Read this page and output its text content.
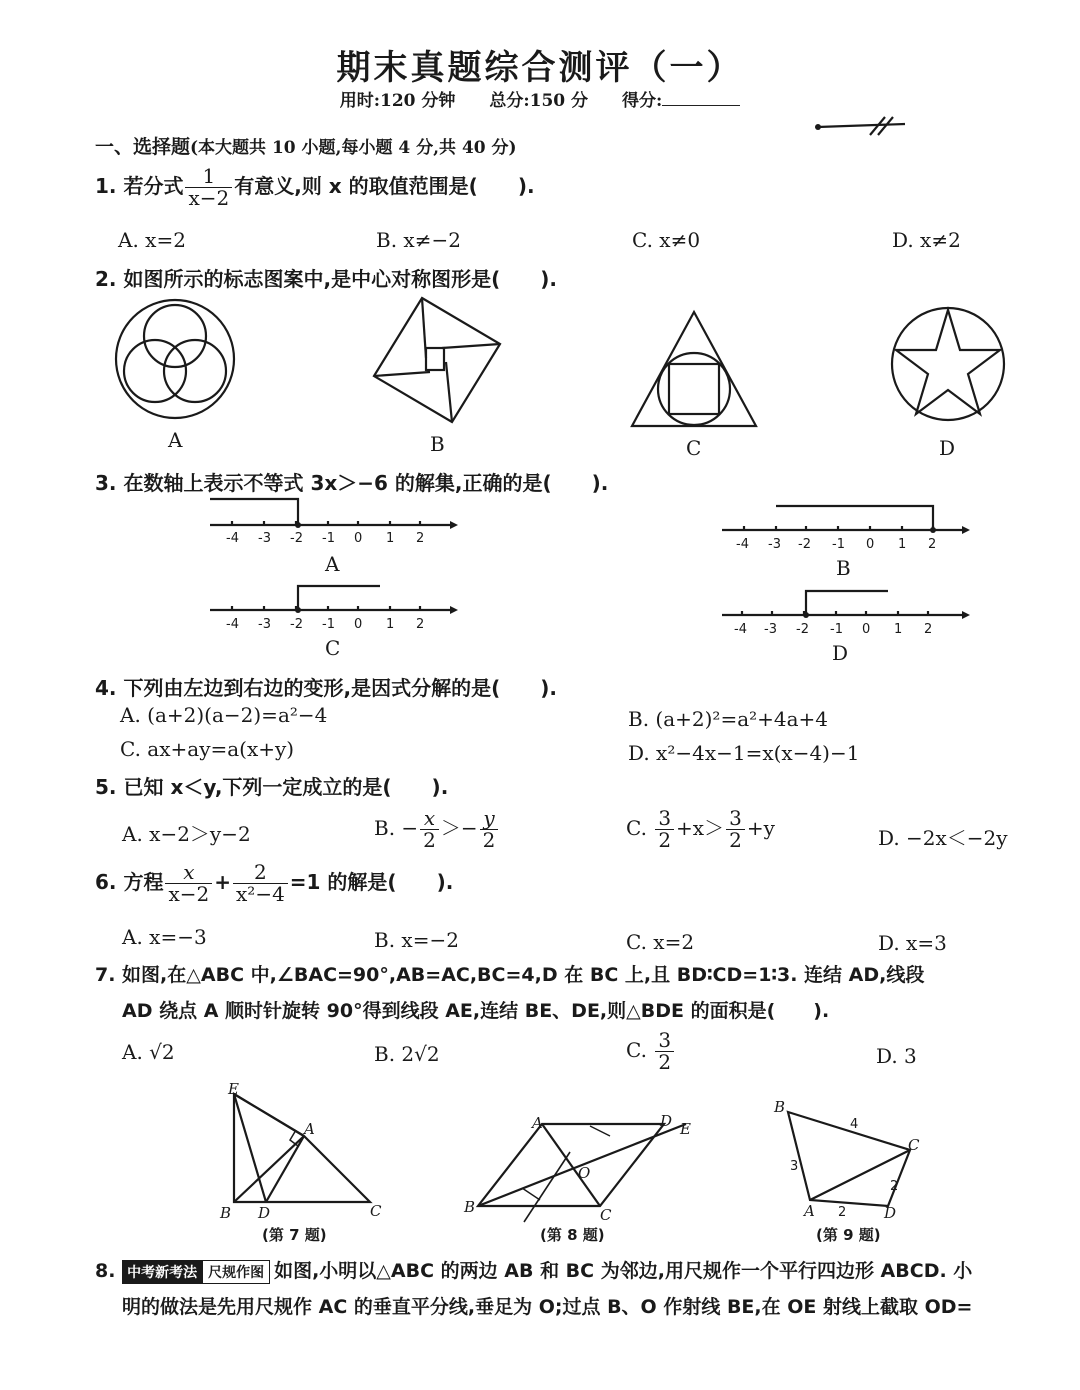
期末真题综合测评（一）
用时:120 分钟 总分:150 分 得分:
一、选择题(本大题共 10 小题,每小题 4 分,共 40 分)
1. 若分式 $\frac{1}{x-2}$ 有意义,则 x 的取值范围是(　　).
A. x=2	B. x≠−2	C. x≠0	D. x≠2
2. 如图所示的标志图案中,是中心对称图形是(　　).
A	B	C	D
3. 在数轴上表示不等式 3x＞−6 的解集,正确的是(　　).
-4 -3 -2 -1 0 1 2
A
-4 -3 -2 -1 0 1 2
B
-4 -3 -2 -1 0 1 2
C
-4 -3 -2 -1 0 1 2
D
4. 下列由左边到右边的变形,是因式分解的是(　　).
A. (a+2)(a−2)=a²−4	B. (a+2)²=a²+4a+4
C. ax+ay=a(x+y)	D. x²−4x−1=x(x−4)−1
5. 已知 x＜y,下列一定成立的是(　　).
A. x−2＞y−2	B. − $\frac{x}{2} >- \frac{y}{2}$	C. $\frac{3}{2} +x> \frac{3}{2} +y$	D. −2x＜−2y
6. 方程 $\frac{x}{x-2} + \frac{2}{\text{x²−4}} =1$ 的解是(　　).
A. x=−3	B. x=−2	C. x=2	D. x=3
7. 如图,在△ABC 中,∠BAC=90°,AB=AC,BC=4,D 在 BC 上,且 BD∶CD=1∶3. 连结 AD,线段
AD 绕点 A 顺时针旋转 90°得到线段 AE,连结 BE、DE,则△BDE 的面积是(　　).
A. √2	B. 2√2	C. $\frac{3}{2}$	D. 3
E
A
B D	C
(第 7 题)
A	D E
O
B	C
(第 8 题)
B
4
C
3
2
A 2	D
(第 9 题)
8. 中考新考法 尺规作图 如图,小明以△ABC 的两边 AB 和 BC 为邻边,用尺规作一个平行四边形 ABCD. 小
明的做法是先用尺规作 AC 的垂直平分线,垂足为 O;过点 B、O 作射线 BE,在 OE 射线上截取 OD=
